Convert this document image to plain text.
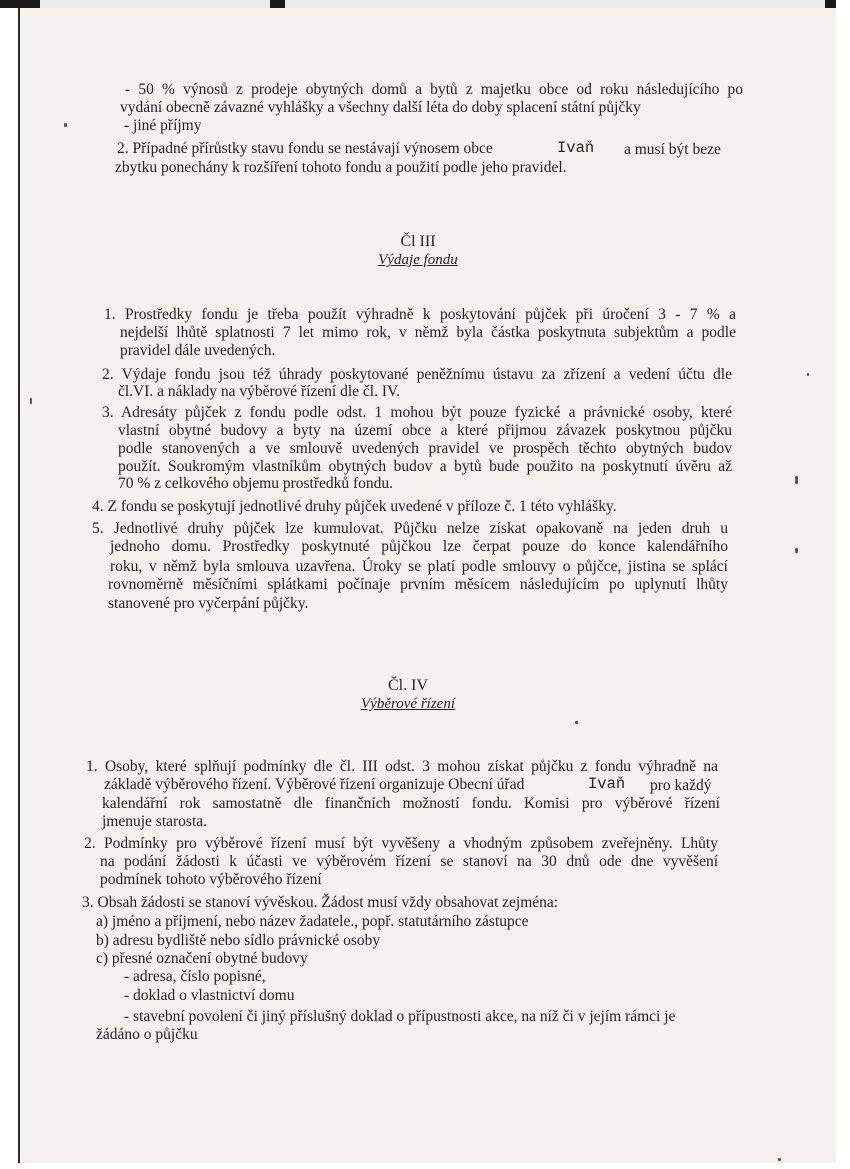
- 50 % výnosů z prodeje obytných domů a bytů z majetku obce od roku následujícího po
vydání obecně závazné vyhlášky a všechny další léta do doby splacení státní půjčky
- jiné příjmy
2. Případné přírůstky stavu fondu se nestávají výnosem obce	Ivaň a musí být beze
zbytku ponechány k rozšíření tohoto fondu a použití podle jeho pravidel.
Čl III
Výdaje fondu
1. Prostředky fondu je třeba použít výhradně k poskytování půjček při úročení 3 - 7 % a
nejdelší lhůtě splatnosti 7 let mimo rok, v němž byla částka poskytnuta subjektům a podle
pravidel dále uvedených.
2. Výdaje fondu jsou též úhrady poskytované peněžnímu ústavu za zřízení a vedení účtu dle
čl.VI. a náklady na výběrové řízení dle čl. IV.
3. Adresáty půjček z fondu podle odst. 1 mohou být pouze fyzické a právnické osoby, které
vlastní obytné budovy a byty na území obce a které přijmou závazek poskytnou půjčku
podle stanovených a ve smlouvě uvedených pravidel ve prospěch těchto obytných budov
použít. Soukromým vlastníkům obytných budov a bytů bude použito na poskytnutí úvěru až
70 % z celkového objemu prostředků fondu.
4. Z fondu se poskytují jednotlivé druhy půjček uvedené v příloze č. 1 této vyhlášky.
5. Jednotlivé druhy půjček lze kumulovat. Půjčku nelze získat opakovaně na jeden druh u
jednoho domu. Prostředky poskytnuté půjčkou lze čerpat pouze do konce kalendářního
roku, v němž byla smlouva uzavřena. Úroky se platí podle smlouvy o půjčce, jistina se splácí
rovnoměrně měsíčními splátkami počínaje prvním měsícem následujícím po uplynutí lhůty
stanovené pro vyčerpání půjčky.
Čl. IV
Výběrové řízení
1. Osoby, které splňují podmínky dle čl. III odst. 3 mohou získat půjčku z fondu výhradně na
základě výběrového řízení. Výběrové řízení organizuje Obecní úřad	Ivaň pro každý
kalendářní rok samostatně dle finančních možností fondu. Komisi pro výběrové řízení
jmenuje starosta.
2. Podmínky pro výběrové řízení musí být vyvěšeny a vhodným způsobem zveřejněny. Lhůty
na podání žádosti k účasti ve výběrovém řízení se stanoví na 30 dnů ode dne vyvěšení
podmínek tohoto výběrového řízení
3. Obsah žádosti se stanoví vývěskou. Žádost musí vždy obsahovat zejména:
a) jméno a příjmení, nebo název žadatele., popř. statutárního zástupce
b) adresu bydliště nebo sídlo právnické osoby
c) přesné označení obytné budovy
- adresa, číslo popisné,
- doklad o vlastnictví domu
- stavební povolení či jiný příslušný doklad o přípustnosti akce, na níž či v jejím rámci je
žádáno o půjčku
